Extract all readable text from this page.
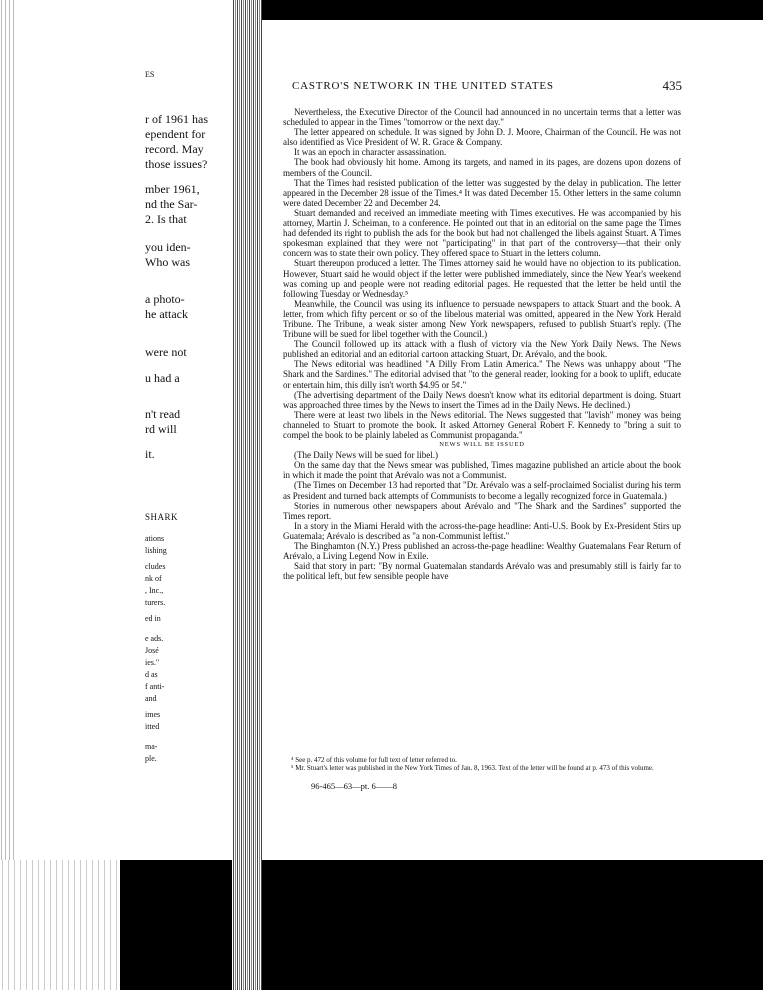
ES
r of 1961 has
ependent for
record. May
those issues?
mber 1961,
nd the Sar-
2. Is that
you iden-
Who was
a photo-
he attack
were not
u had a
n't read
rd will
it.
SHARK
ations
lishing
cludes
nk of
, Inc.,
turers.
ed in
e ads.
José
ies."
d as
f anti-
and
imes
itted
ma-
ple.
CASTRO'S NETWORK IN THE UNITED STATES	435

Nevertheless, the Executive Director of the Council had announced in no uncertain terms that a letter was scheduled to appear in the Times "tomorrow or the next day."

The letter appeared on schedule. It was signed by John D. J. Moore, Chairman of the Council. He was not also identified as Vice President of W. R. Grace & Company.

It was an epoch in character assassination.

The book had obviously hit home. Among its targets, and named in its pages, are dozens upon dozens of members of the Council.

That the Times had resisted publication of the letter was suggested by the delay in publication. The letter appeared in the December 28 issue of the Times.⁴ It was dated December 15. Other letters in the same column were dated December 22 and December 24.

Stuart demanded and received an immediate meeting with Times executives. He was accompanied by his attorney, Martin J. Scheiman, to a conference. He pointed out that in an editorial on the same page the Times had defended its right to publish the ads for the book but had not challenged the libels against Stuart. A Times spokesman explained that they were not "participating" in that part of the controversy—that their only concern was to state their own policy. They offered space to Stuart in the letters column.

Stuart thereupon produced a letter. The Times attorney said he would have no objection to its publication. However, Stuart said he would object if the letter were published immediately, since the New Year's weekend was coming up and people were not reading editorial pages. He requested that the letter be held until the following Tuesday or Wednesday.⁵

Meanwhile, the Council was using its influence to persuade newspapers to attack Stuart and the book. A letter, from which fifty percent or so of the libelous material was omitted, appeared in the New York Herald Tribune. The Tribune, a weak sister among New York newspapers, refused to publish Stuart's reply. (The Tribune will be sued for libel together with the Council.)

The Council followed up its attack with a flush of victory via the New York Daily News. The News published an editorial and an editorial cartoon attacking Stuart, Dr. Arévalo, and the book.

The News editorial was headlined "A Dilly From Latin America." The News was unhappy about "The Shark and the Sardines." The editorial advised that "to the general reader, looking for a book to uplift, educate or entertain him, this dilly isn't worth $4.95 or 5¢."

(The advertising department of the Daily News doesn't know what its editorial department is doing. Stuart was approached three times by the News to insert the Times ad in the Daily News. He declined.)

There were at least two libels in the News editorial. The News suggested that "lavish" money was being channeled to Stuart to promote the book. It asked Attorney General Robert F. Kennedy to "bring a suit to compel the book to be plainly labeled as Communist propaganda."

NEWS WILL BE ISSUED

(The Daily News will be sued for libel.)

On the same day that the News smear was published, Times magazine published an article about the book in which it made the point that Arévalo was not a Communist.

(The Times on December 13 had reported that "Dr. Arévalo was a self-proclaimed Socialist during his term as President and turned back attempts of Communists to become a legally recognized force in Guatemala.)

Stories in numerous other newspapers about Arévalo and "The Shark and the Sardines" supported the Times report.

In a story in the Miami Herald with the across-the-page headline: Anti-U.S. Book by Ex-President Stirs up Guatemala; Arévalo is described as "a non-Communist leftist."

The Binghamton (N.Y.) Press published an across-the-page headline: Wealthy Guatemalans Fear Return of Arévalo, a Living Legend Now in Exile.

Said that story in part: "By normal Guatemalan standards Arévalo was and presumably still is fairly far to the political left, but few sensible people have

⁴ See p. 472 of this volume for full text of letter referred to.

⁵ Mr. Stuart's letter was published in the New York Times of Jan. 8, 1963. Text of the letter will be found at p. 473 of this volume.

96-465—63—pt. 6——8
